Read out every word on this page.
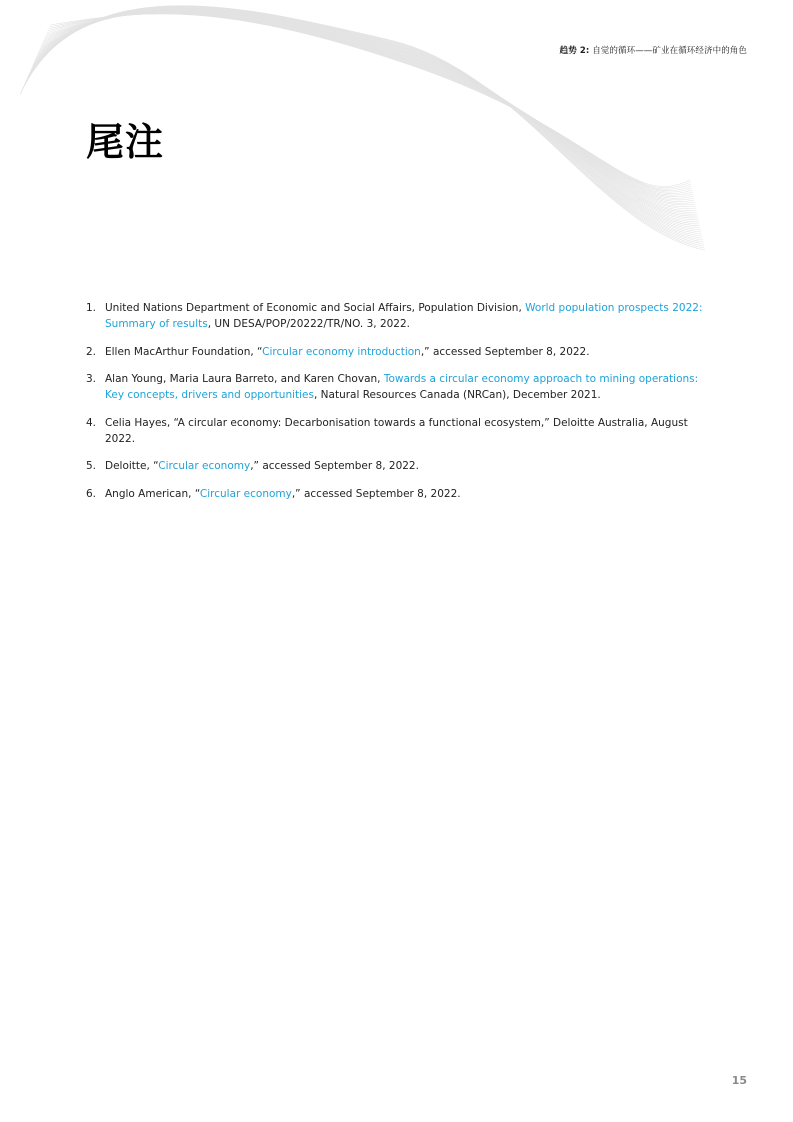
趋势 2: 自觉的循环——矿业在循环经济中的角色
尾注
1. United Nations Department of Economic and Social Affairs, Population Division, World population prospects 2022: Summary of results, UN DESA/POP/20222/TR/NO. 3, 2022.
2. Ellen MacArthur Foundation, “Circular economy introduction,” accessed September 8, 2022.
3. Alan Young, Maria Laura Barreto, and Karen Chovan, Towards a circular economy approach to mining operations: Key concepts, drivers and opportunities, Natural Resources Canada (NRCan), December 2021.
4. Celia Hayes, “A circular economy: Decarbonisation towards a functional ecosystem,” Deloitte Australia, August 2022.
5. Deloitte, “Circular economy,” accessed September 8, 2022.
6. Anglo American, “Circular economy,” accessed September 8, 2022.
15
